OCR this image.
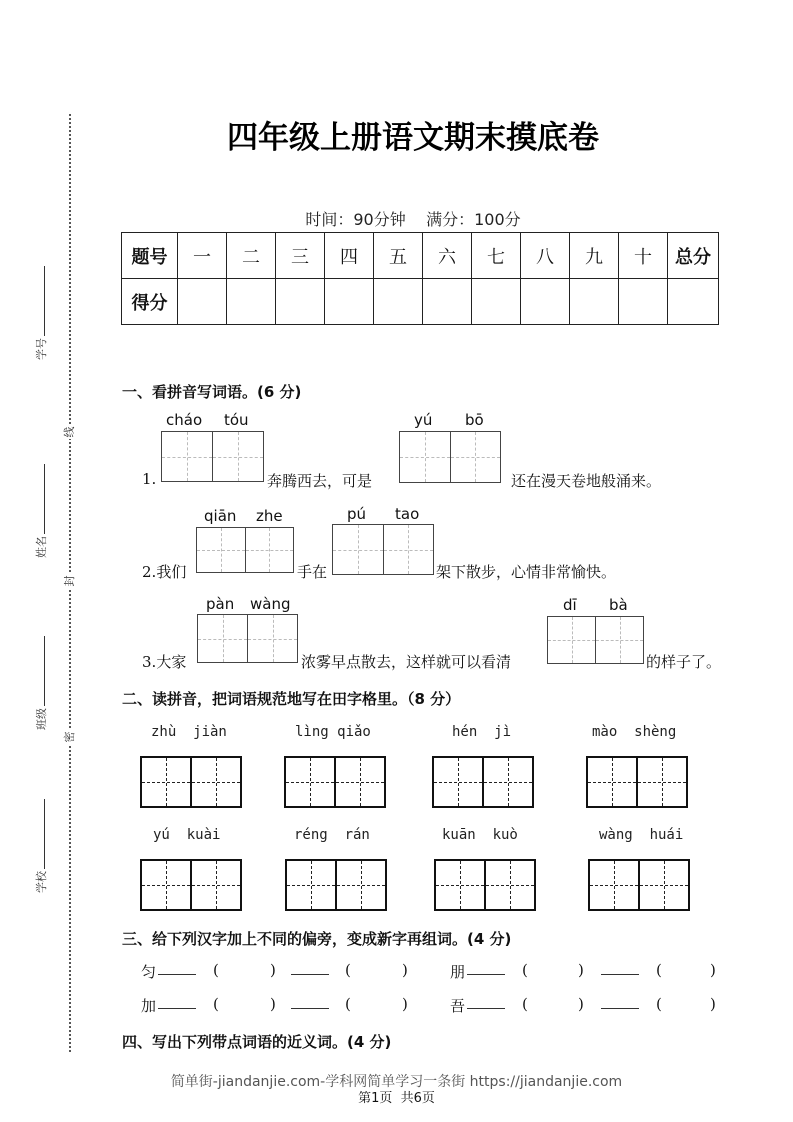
学号
姓名
班级
学校
线
封
密
四年级上册语文期末摸底卷
时间：90分钟    满分：100分
题号	一	二	三	四	五	六	七	八	九	十	总分
得分											
一、看拼音写词语。(6 分)
cháo tóu
1.	奔腾西去，可是
yú bō
还在漫天卷地般涌来。
2.我们
qiān zhe
手在
pú tao
架下散步，心情非常愉快。
3.大家
pàn wàng
浓雾早点散去，这样就可以看清
dī bà
的样子了。
二、读拼音，把词语规范地写在田字格里。（8 分）
zhù  jiàn	lìng qiǎo	hén  jì	mào  shèng
yú  kuài	réng  rán	kuān  kuò	wàng  huái
三、给下列汉字加上不同的偏旁，变成新字再组词。(4 分)
匀	(	)	(	)	朋	(	)	(	)
加	(	)	(	)	吾	(	)	(	)
四、写出下列带点词语的近义词。(4 分)
简单街-jiandanjie.com-学科网简单学习一条街 https://jiandanjie.com
第1页  共6页
